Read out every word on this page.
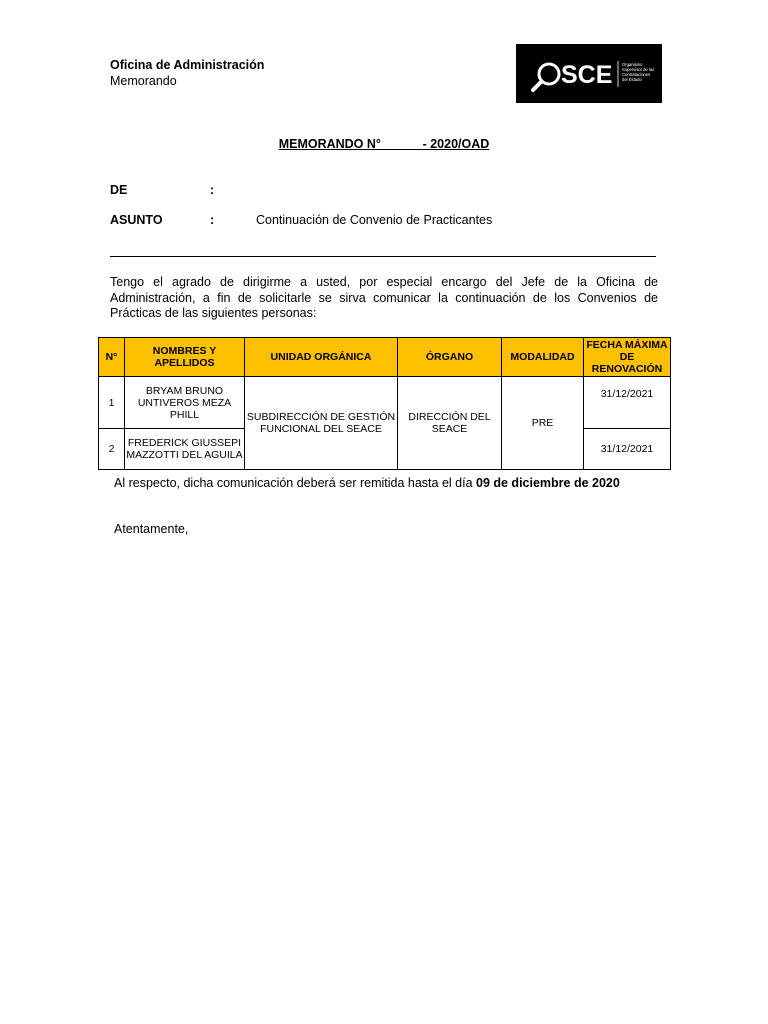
Oficina de Administración
Memorando	SCE Organismo Supervisor de las Contrataciones del Estado
MEMORANDO N°	- 2020/OAD
DE	:
ASUNTO	:	Continuación de Convenio de Practicantes
Tengo el agrado de dirigirme a usted, por especial encargo del Jefe de la Oficina de Administración, a fin de solicitarle se sirva comunicar la continuación de los Convenios de Prácticas de las siguientes personas:
N°	NOMBRES Y APELLIDOS	UNIDAD ORGÁNICA	ÓRGANO	MODALIDAD	FECHA MÁXIMA DE RENOVACIÓN
1	BRYAM BRUNO UNTIVEROS MEZA PHILL	SUBDIRECCIÓN DE GESTIÓN FUNCIONAL DEL SEACE	DIRECCIÓN DEL SEACE	PRE	31/12/2021
2	FREDERICK GIUSSEPI MAZZOTTI DEL AGUILA				31/12/2021
Al respecto, dicha comunicación deberá ser remitida hasta el día 09 de diciembre de 2020
Atentamente,
